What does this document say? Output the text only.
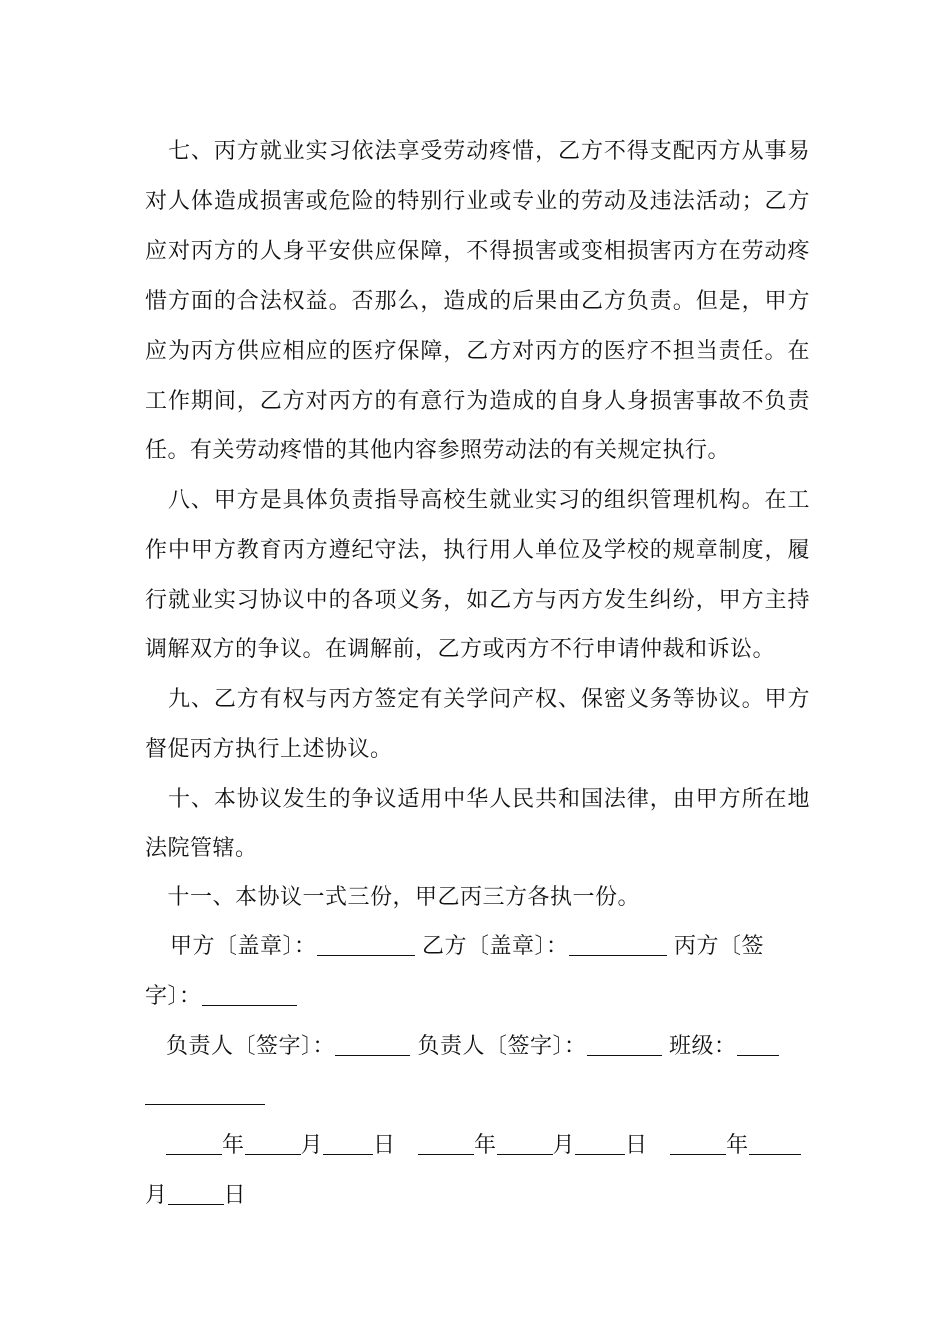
　七、丙方就业实习依法享受劳动疼惜，乙方不得支配丙方从事易
对人体造成损害或危险的特别行业或专业的劳动及违法活动；乙方
应对丙方的人身平安供应保障，不得损害或变相损害丙方在劳动疼
惜方面的合法权益。否那么，造成的后果由乙方负责。但是，甲方
应为丙方供应相应的医疗保障，乙方对丙方的医疗不担当责任。在
工作期间，乙方对丙方的有意行为造成的自身人身损害事故不负责
任。有关劳动疼惜的其他内容参照劳动法的有关规定执行。
　八、甲方是具体负责指导高校生就业实习的组织管理机构。在工
作中甲方教育丙方遵纪守法，执行用人单位及学校的规章制度，履
行就业实习协议中的各项义务，如乙方与丙方发生纠纷，甲方主持
调解双方的争议。在调解前，乙方或丙方不行申请仲裁和诉讼。
　九、乙方有权与丙方签定有关学问产权、保密义务等协议。甲方
督促丙方执行上述协议。
　十、本协议发生的争议适用中华人民共和国法律，由甲方所在地
法院管辖。
　十一、本协议一式三份，甲乙丙三方各执一份。
甲方〔盖章〕：	乙方〔盖章〕：	丙方〔签
字〕：
负责人〔签字〕：	负责人〔签字〕：	班级：
年	月 日	年	月 日	年
月	日
